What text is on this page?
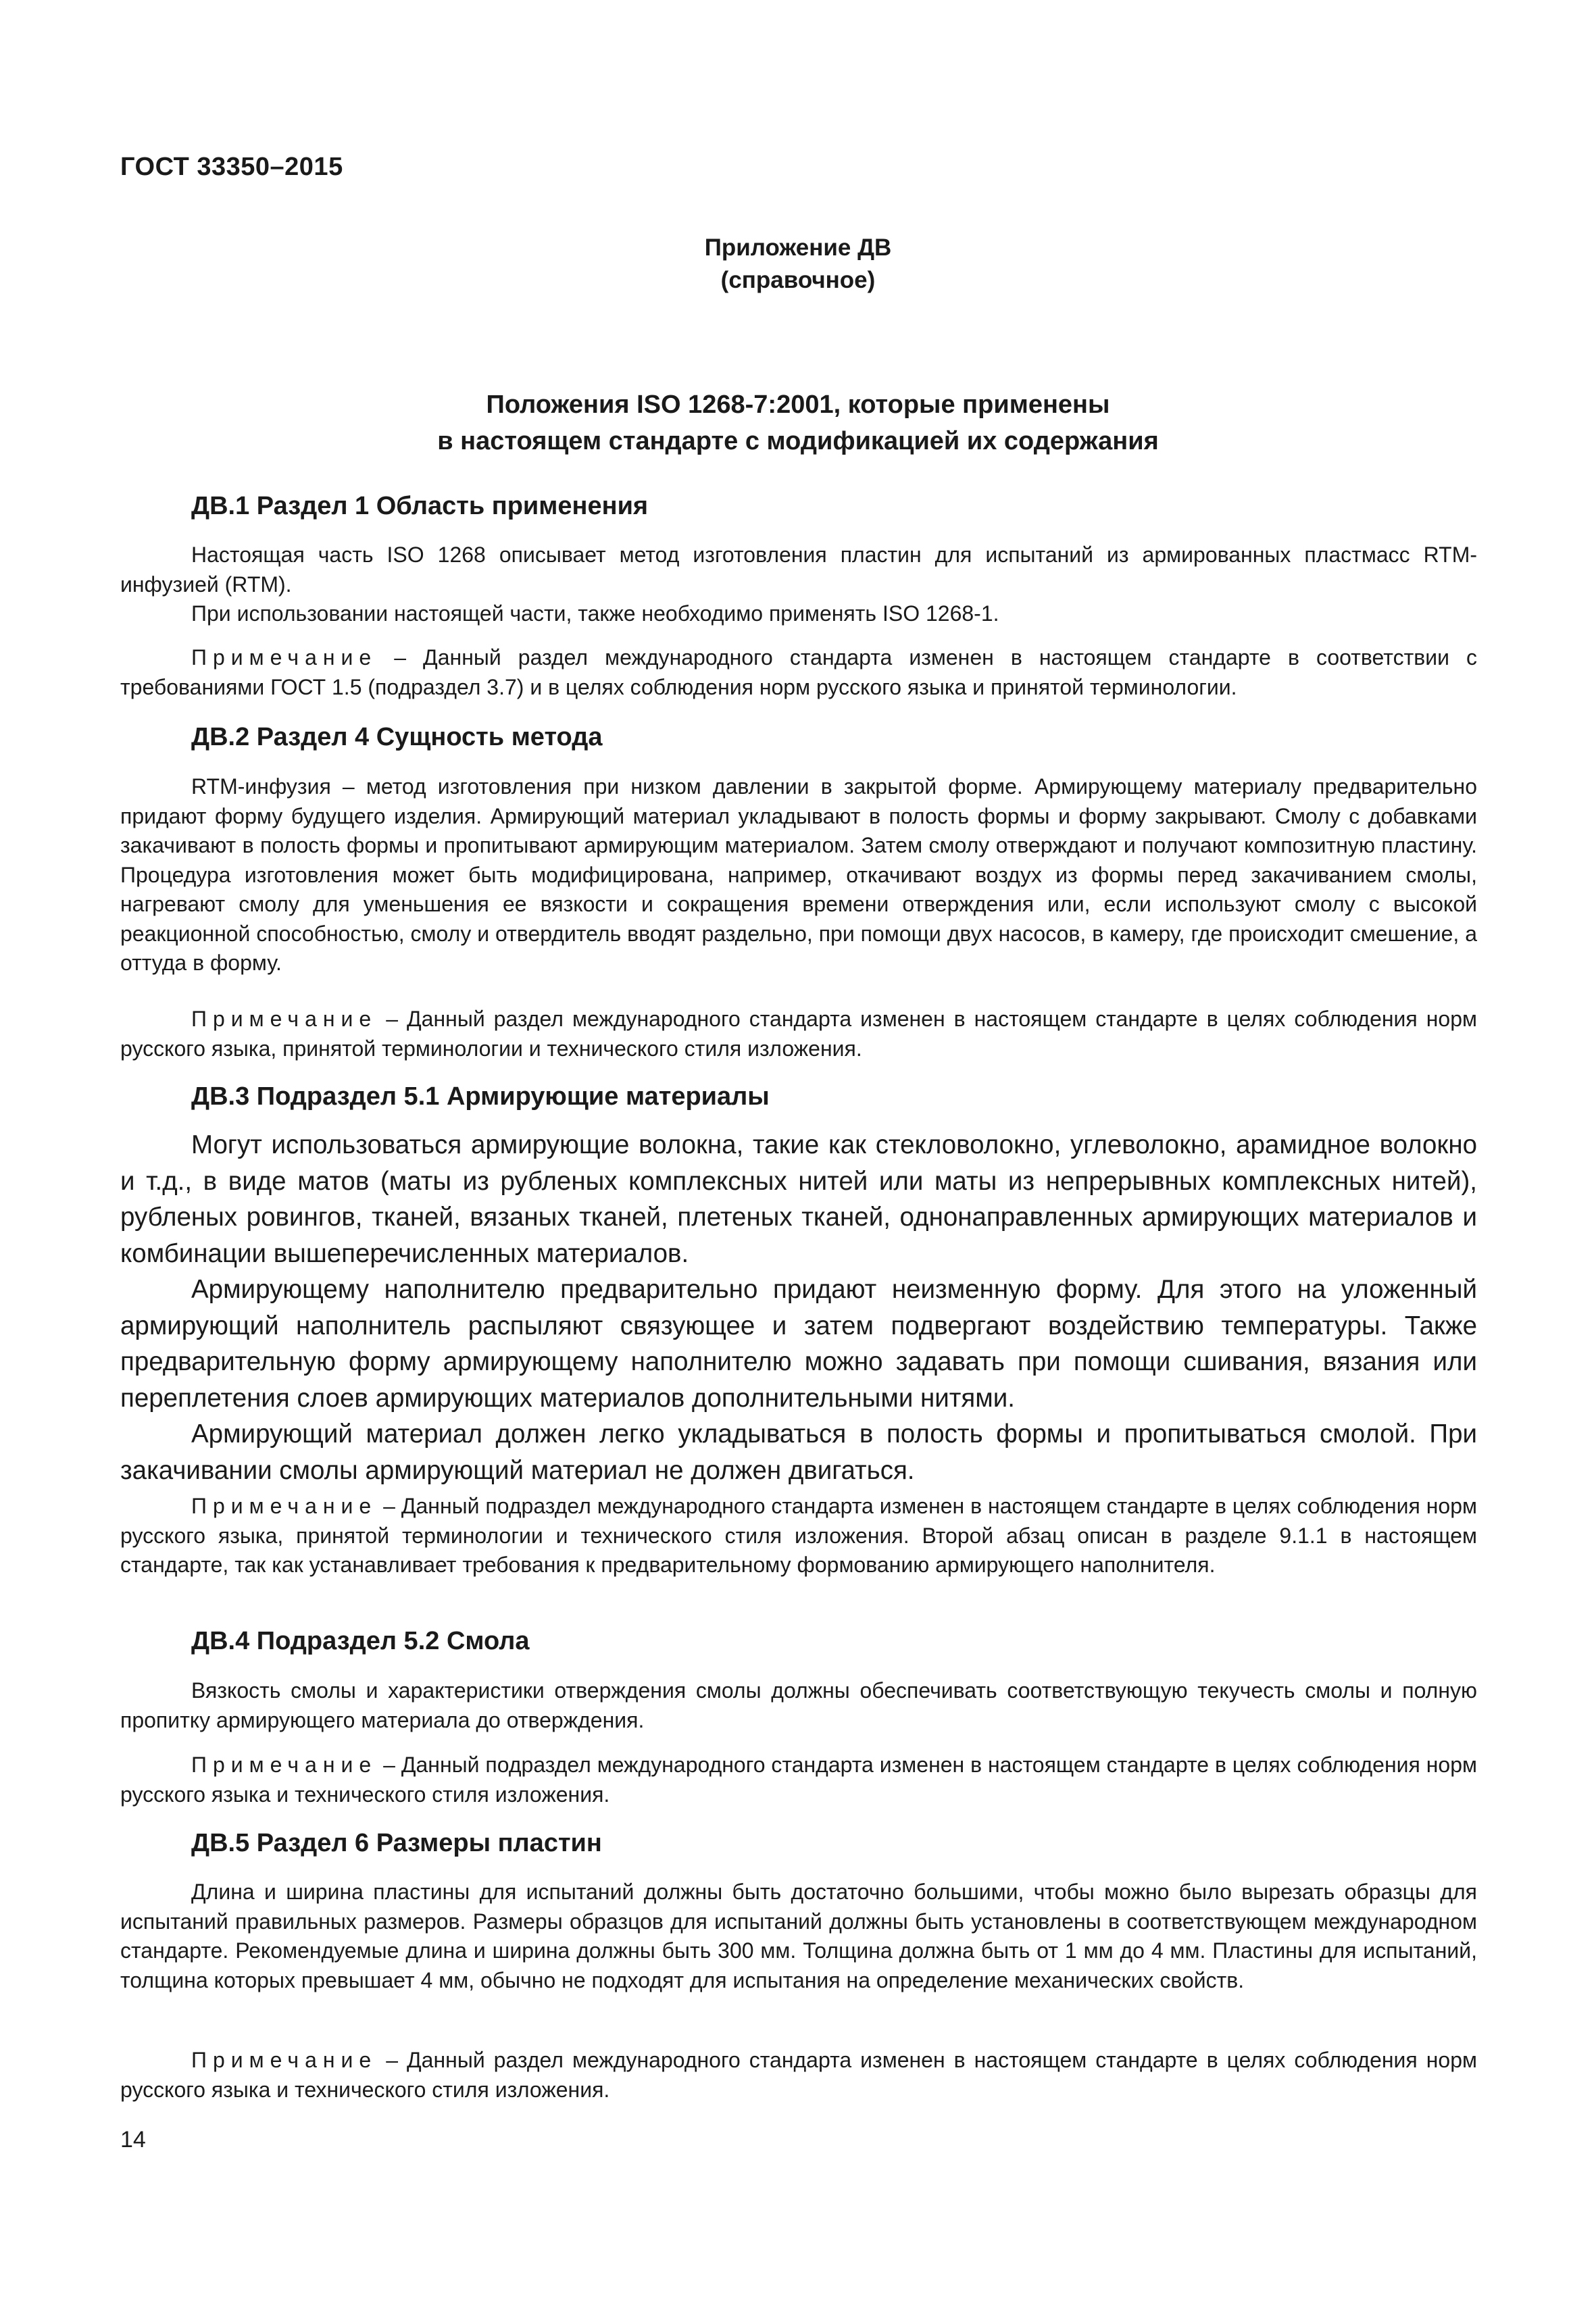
ГОСТ 33350–2015
Приложение ДВ
(справочное)
Положения ISO 1268-7:2001, которые применены
в настоящем стандарте с модификацией их содержания
ДВ.1 Раздел 1 Область применения

Настоящая часть ISO 1268 описывает метод изготовления пластин для испытаний из армированных пластмасс RTM-инфузией (RTM).

При использовании настоящей части, также необходимо применять ISO 1268-1.

Примечание – Данный раздел международного стандарта изменен в настоящем стандарте в соответствии с требованиями ГОСТ 1.5 (подраздел 3.7) и в целях соблюдения норм русского языка и принятой терминологии.

ДВ.2 Раздел 4 Сущность метода

RTM-инфузия – метод изготовления при низком давлении в закрытой форме. Армирующему материалу предварительно придают форму будущего изделия. Армирующий материал укладывают в полость формы и форму закрывают. Смолу с добавками закачивают в полость формы и пропитывают армирующим материалом. Затем смолу отверждают и получают композитную пластину. Процедура изготовления может быть модифицирована, например, откачивают воздух из формы перед закачиванием смолы, нагревают смолу для уменьшения ее вязкости и сокращения времени отверждения или, если используют смолу с высокой реакционной способностью, смолу и отвердитель вводят раздельно, при помощи двух насосов, в камеру, где происходит смешение, а оттуда в форму.

Примечание – Данный раздел международного стандарта изменен в настоящем стандарте в целях соблюдения норм русского языка, принятой терминологии и технического стиля изложения.

ДВ.3 Подраздел 5.1 Армирующие материалы

Могут использоваться армирующие волокна, такие как стекловолокно, углеволокно, арамидное волокно и т.д., в виде матов (маты из рубленых комплексных нитей или маты из непрерывных комплексных нитей), рубленых ровингов, тканей, вязаных тканей, плетеных тканей, однонаправленных армирующих материалов и комбинации вышеперечисленных материалов.

Армирующему наполнителю предварительно придают неизменную форму. Для этого на уложенный армирующий наполнитель распыляют связующее и затем подвергают воздействию температуры. Также предварительную форму армирующему наполнителю можно задавать при помощи сшивания, вязания или переплетения слоев армирующих материалов дополнительными нитями.

Армирующий материал должен легко укладываться в полость формы и пропитываться смолой. При закачивании смолы армирующий материал не должен двигаться.

Примечание – Данный подраздел международного стандарта изменен в настоящем стандарте в целях соблюдения норм русского языка, принятой терминологии и технического стиля изложения. Второй абзац описан в разделе 9.1.1 в настоящем стандарте, так как устанавливает требования к предварительному формованию армирующего наполнителя.

ДВ.4 Подраздел 5.2 Смола

Вязкость смолы и характеристики отверждения смолы должны обеспечивать соответствующую текучесть смолы и полную пропитку армирующего материала до отверждения.

Примечание – Данный подраздел международного стандарта изменен в настоящем стандарте в целях соблюдения норм русского языка и технического стиля изложения.

ДВ.5 Раздел 6 Размеры пластин

Длина и ширина пластины для испытаний должны быть достаточно большими, чтобы можно было вырезать образцы для испытаний правильных размеров. Размеры образцов для испытаний должны быть установлены в соответствующем международном стандарте. Рекомендуемые длина и ширина должны быть 300 мм. Толщина должна быть от 1 мм до 4 мм. Пластины для испытаний, толщина которых превышает 4 мм, обычно не подходят для испытания на определение механических свойств.

Примечание – Данный раздел международного стандарта изменен в настоящем стандарте в целях соблюдения норм русского языка и технического стиля изложения.

14
